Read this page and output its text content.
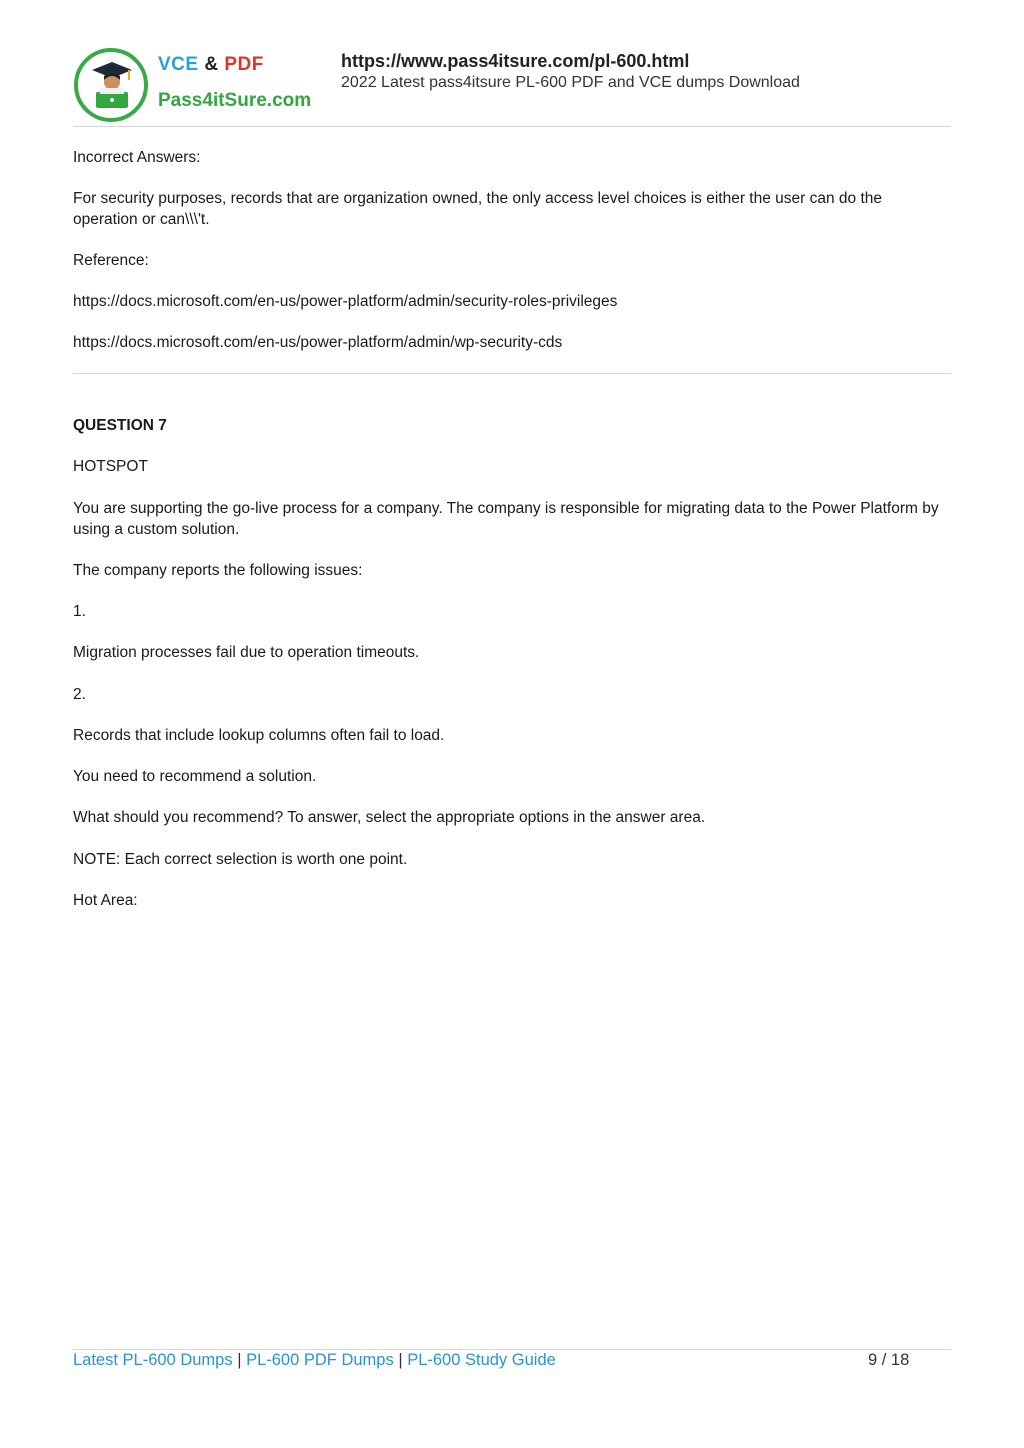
VCE & PDF
Pass4itSure.com
https://www.pass4itsure.com/pl-600.html
2022 Latest pass4itsure PL-600 PDF and VCE dumps Download
Incorrect Answers:
For security purposes, records that are organization owned, the only access level choices is either the user can do the operation or can\\\'t.
Reference:
https://docs.microsoft.com/en-us/power-platform/admin/security-roles-privileges
https://docs.microsoft.com/en-us/power-platform/admin/wp-security-cds
QUESTION 7
HOTSPOT
You are supporting the go-live process for a company. The company is responsible for migrating data to the Power Platform by using a custom solution.
The company reports the following issues:
1.
Migration processes fail due to operation timeouts.
2.
Records that include lookup columns often fail to load.
You need to recommend a solution.
What should you recommend? To answer, select the appropriate options in the answer area.
NOTE: Each correct selection is worth one point.
Hot Area:
Latest PL-600 Dumps | PL-600 PDF Dumps | PL-600 Study Guide	9 / 18
